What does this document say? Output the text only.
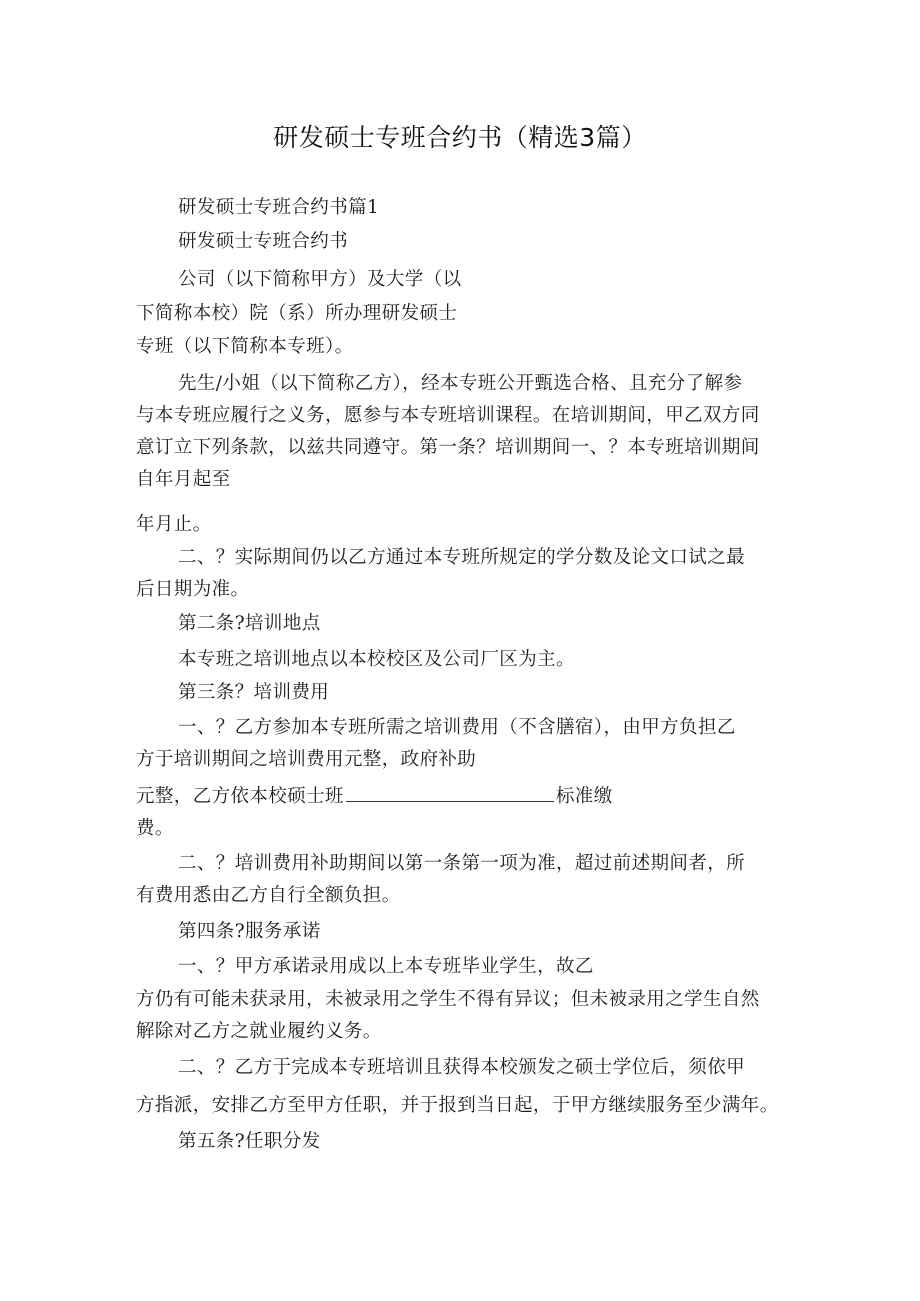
研发硕士专班合约书（精选3篇）
研发硕士专班合约书篇1
研发硕士专班合约书
公司（以下简称甲方）及大学（以
下简称本校）院（系）所办理研发硕士
专班（以下简称本专班）。
先生/小姐（以下简称乙方），经本专班公开甄选合格、且充分了解参
与本专班应履行之义务，愿参与本专班培训课程。在培训期间，甲乙双方同
意订立下列条款，以兹共同遵守。第一条？培训期间一、？本专班培训期间
自年月起至
年月止。
二、？实际期间仍以乙方通过本专班所规定的学分数及论文口试之最
后日期为准。
第二条?培训地点
本专班之培训地点以本校校区及公司厂区为主。
第三条？培训费用
一、？乙方参加本专班所需之培训费用（不含膳宿），由甲方负担乙
方于培训期间之培训费用元整，政府补助
元整，乙方依本校硕士班	标准缴
费。
二、？培训费用补助期间以第一条第一项为准，超过前述期间者，所
有费用悉由乙方自行全额负担。
第四条?服务承诺
一、？甲方承诺录用成以上本专班毕业学生，故乙
方仍有可能未获录用，未被录用之学生不得有异议；但未被录用之学生自然
解除对乙方之就业履约义务。
二、？乙方于完成本专班培训且获得本校颁发之硕士学位后，须依甲
方指派，安排乙方至甲方任职，并于报到当日起，于甲方继续服务至少满年。
第五条?任职分发
